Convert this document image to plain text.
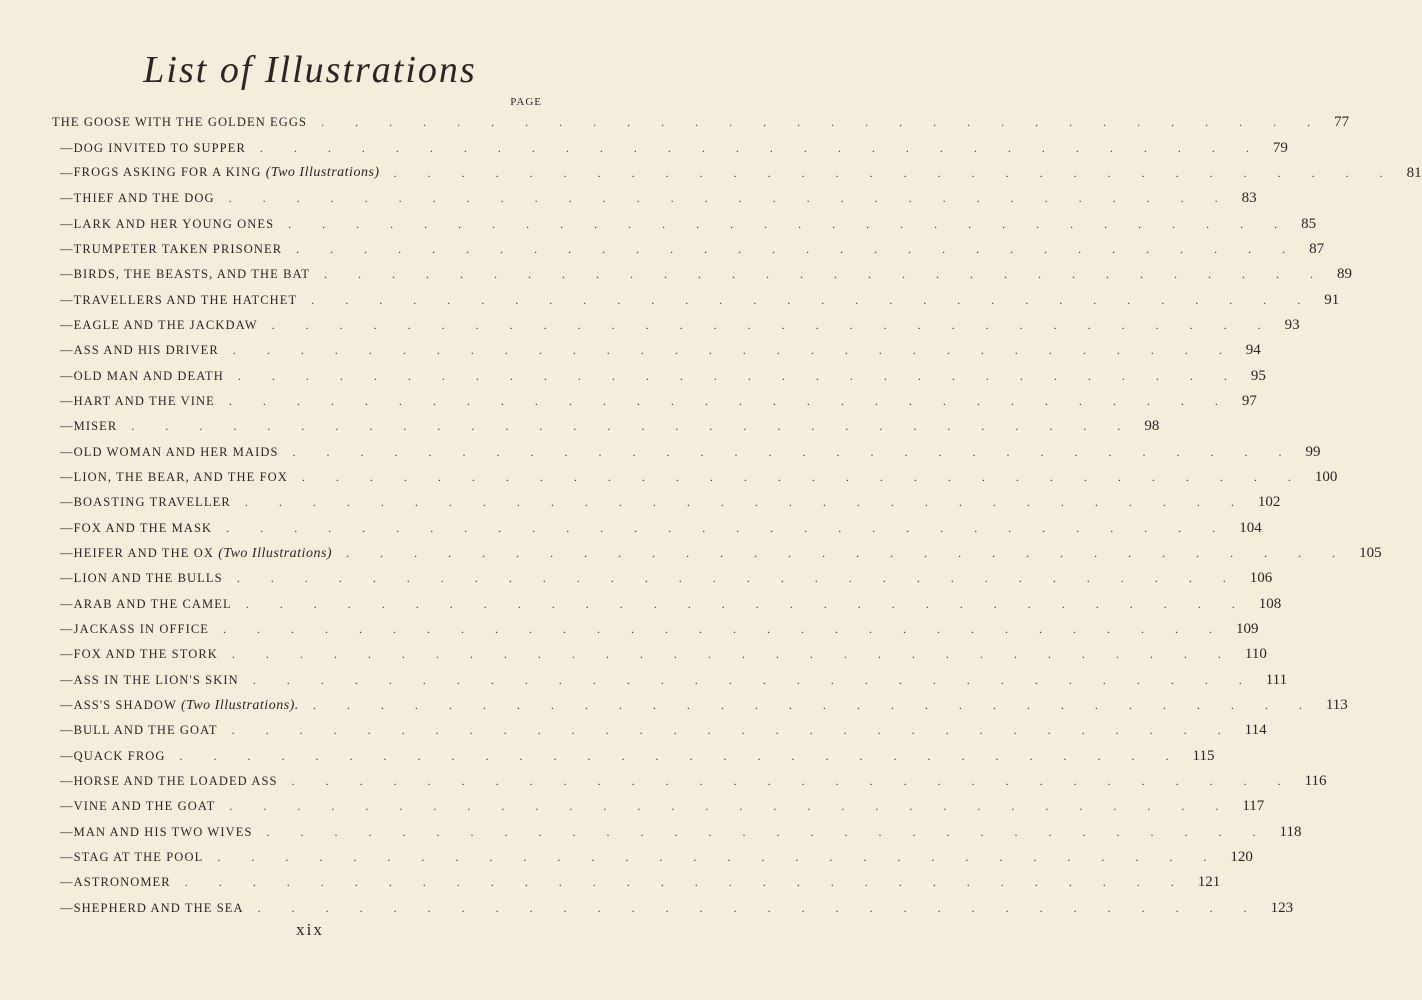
List of Illustrations
PAGE
THE GOOSE WITH THE GOLDEN EGGS . . . . . . . . . . . . . . . . . . . . . . . . . . . . . . 77
— DOG INVITED TO SUPPER . . . . . . . . . . . . . . . . . . . . . . . . . . . . . . 79
— FROGS ASKING FOR A KING (Two Illustrations) . . . . . . . . . . . . . . . . . . . . . . . . . . . . . . 81
— THIEF AND THE DOG . . . . . . . . . . . . . . . . . . . . . . . . . . . . . . 83
— LARK AND HER YOUNG ONES . . . . . . . . . . . . . . . . . . . . . . . . . . . . . . 85
— TRUMPETER TAKEN PRISONER . . . . . . . . . . . . . . . . . . . . . . . . . . . . . . 87
— BIRDS, THE BEASTS, AND THE BAT . . . . . . . . . . . . . . . . . . . . . . . . . . . . . . 89
— TRAVELLERS AND THE HATCHET . . . . . . . . . . . . . . . . . . . . . . . . . . . . . . 91
— EAGLE AND THE JACKDAW . . . . . . . . . . . . . . . . . . . . . . . . . . . . . . 93
— ASS AND HIS DRIVER . . . . . . . . . . . . . . . . . . . . . . . . . . . . . . 94
— OLD MAN AND DEATH . . . . . . . . . . . . . . . . . . . . . . . . . . . . . . 95
— HART AND THE VINE . . . . . . . . . . . . . . . . . . . . . . . . . . . . . . 97
— MISER . . . . . . . . . . . . . . . . . . . . . . . . . . . . . . 98
— OLD WOMAN AND HER MAIDS . . . . . . . . . . . . . . . . . . . . . . . . . . . . . . 99
— LION, THE BEAR, AND THE FOX . . . . . . . . . . . . . . . . . . . . . . . . . . . . . . 100
— BOASTING TRAVELLER . . . . . . . . . . . . . . . . . . . . . . . . . . . . . . 102
— FOX AND THE MASK . . . . . . . . . . . . . . . . . . . . . . . . . . . . . . 104
— HEIFER AND THE OX (Two Illustrations) . . . . . . . . . . . . . . . . . . . . . . . . . . . . . . 105
— LION AND THE BULLS . . . . . . . . . . . . . . . . . . . . . . . . . . . . . . 106
— ARAB AND THE CAMEL . . . . . . . . . . . . . . . . . . . . . . . . . . . . . . 108
— JACKASS IN OFFICE . . . . . . . . . . . . . . . . . . . . . . . . . . . . . . 109
— FOX AND THE STORK . . . . . . . . . . . . . . . . . . . . . . . . . . . . . . 110
— ASS IN THE LION'S SKIN . . . . . . . . . . . . . . . . . . . . . . . . . . . . . . 111
— ASS'S SHADOW (Two Illustrations). . . . . . . . . . . . . . . . . . . . . . . . . . . . . . . 113
— BULL AND THE GOAT . . . . . . . . . . . . . . . . . . . . . . . . . . . . . . 114
— QUACK FROG . . . . . . . . . . . . . . . . . . . . . . . . . . . . . . 115
— HORSE AND THE LOADED ASS . . . . . . . . . . . . . . . . . . . . . . . . . . . . . . 116
— VINE AND THE GOAT . . . . . . . . . . . . . . . . . . . . . . . . . . . . . . 117
— MAN AND HIS TWO WIVES . . . . . . . . . . . . . . . . . . . . . . . . . . . . . . 118
— STAG AT THE POOL . . . . . . . . . . . . . . . . . . . . . . . . . . . . . . 120
— ASTRONOMER . . . . . . . . . . . . . . . . . . . . . . . . . . . . . . 121
— SHEPHERD AND THE SEA . . . . . . . . . . . . . . . . . . . . . . . . . . . . . . 123
xix
